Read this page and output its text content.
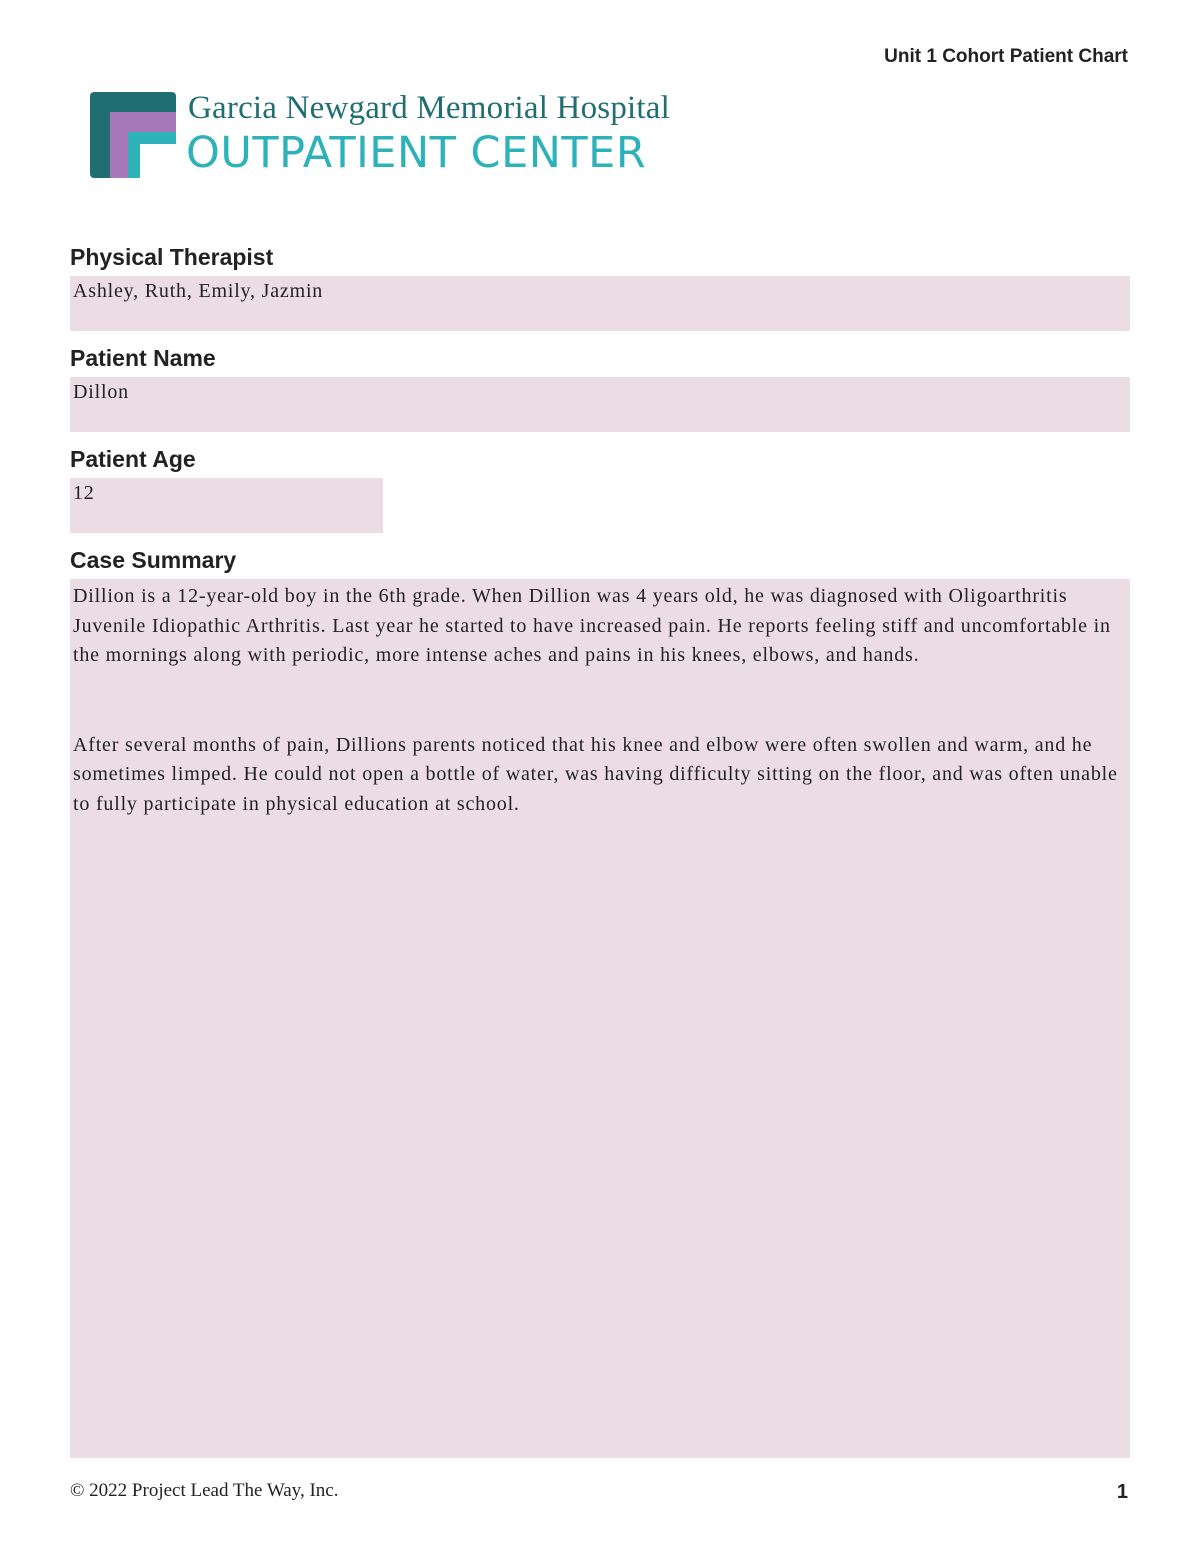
Unit 1 Cohort Patient Chart
Garcia Newgard Memorial Hospital
OUTPATIENT CENTER
Physical Therapist
Ashley, Ruth, Emily, Jazmin
Patient Name
Dillon
Patient Age
12
Case Summary

Dillion is a 12-year-old boy in the 6th grade. When Dillion was 4 years old, he was diagnosed with Oligoarthritis Juvenile Idiopathic Arthritis. Last year he started to have increased pain. He reports feeling stiff and uncomfortable in the mornings along with periodic, more intense aches and pains in his knees, elbows, and hands.

After several months of pain, Dillions parents noticed that his knee and elbow were often swollen and warm, and he sometimes limped. He could not open a bottle of water, was having difficulty sitting on the floor, and was often unable to fully participate in physical education at school.

© 2022 Project Lead The Way, Inc.	1
